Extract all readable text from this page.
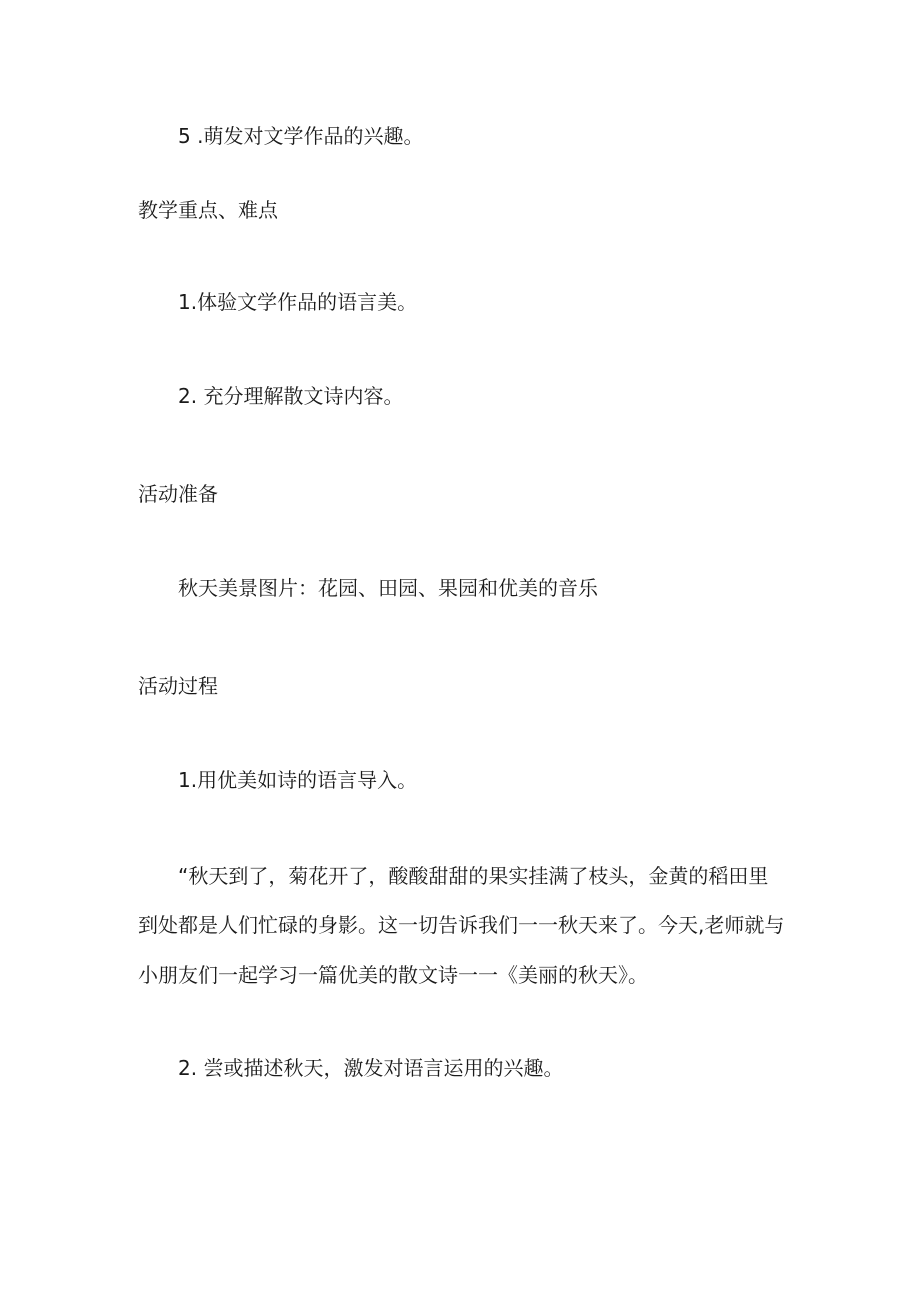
5 .萌发对文学作品的兴趣。

教学重点、难点

1.体验文学作品的语言美。

2. 充分理解散文诗内容。

活动准备

秋天美景图片：花园、田园、果园和优美的音乐

活动过程

1.用优美如诗的语言导入。

“秋天到了，菊花开了，酸酸甜甜的果实挂满了枝头，金黄的稻田里

到处都是人们忙碌的身影。这一切告诉我们一一秋天来了。今天,老师就与

小朋友们一起学习一篇优美的散文诗一一《美丽的秋天》。

2. 尝或描述秋天，激发对语言运用的兴趣。
